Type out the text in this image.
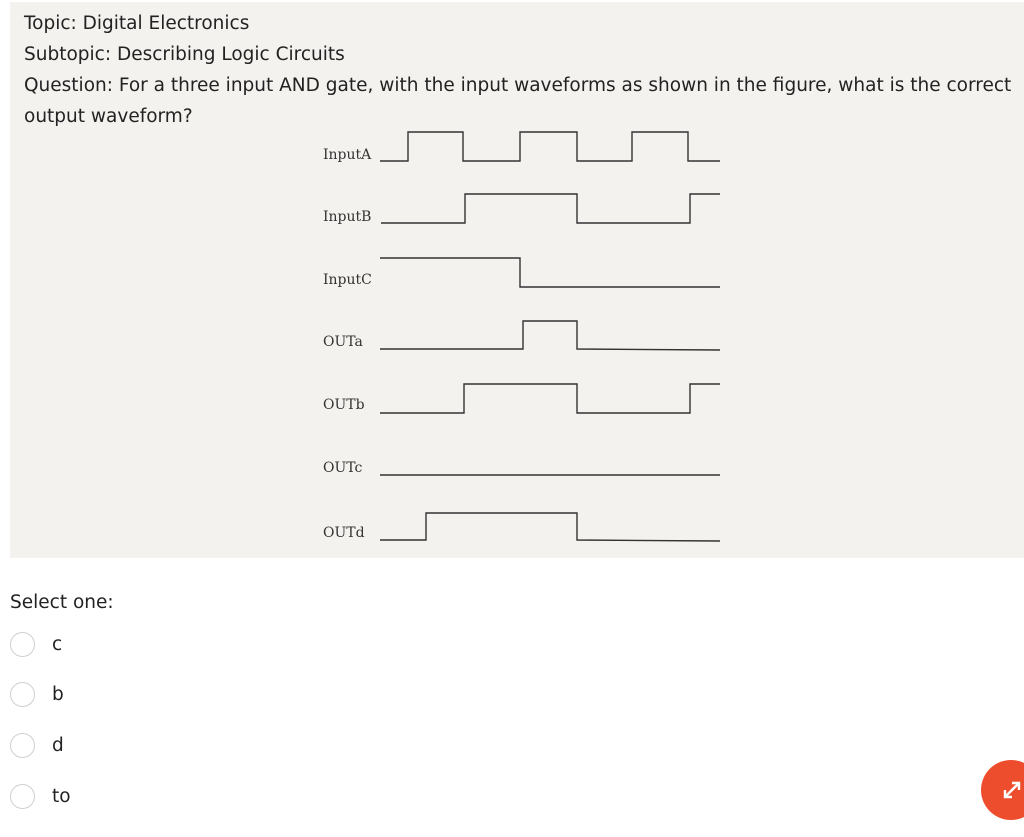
Topic: Digital Electronics
Subtopic: Describing Logic Circuits
Question: For a three input AND gate, with the input waveforms as shown in the figure, what is the correct
output waveform?
InputA
InputB
InputC
OUTa
OUTb
OUTc
OUTd
Select one:
c
b
d
to
